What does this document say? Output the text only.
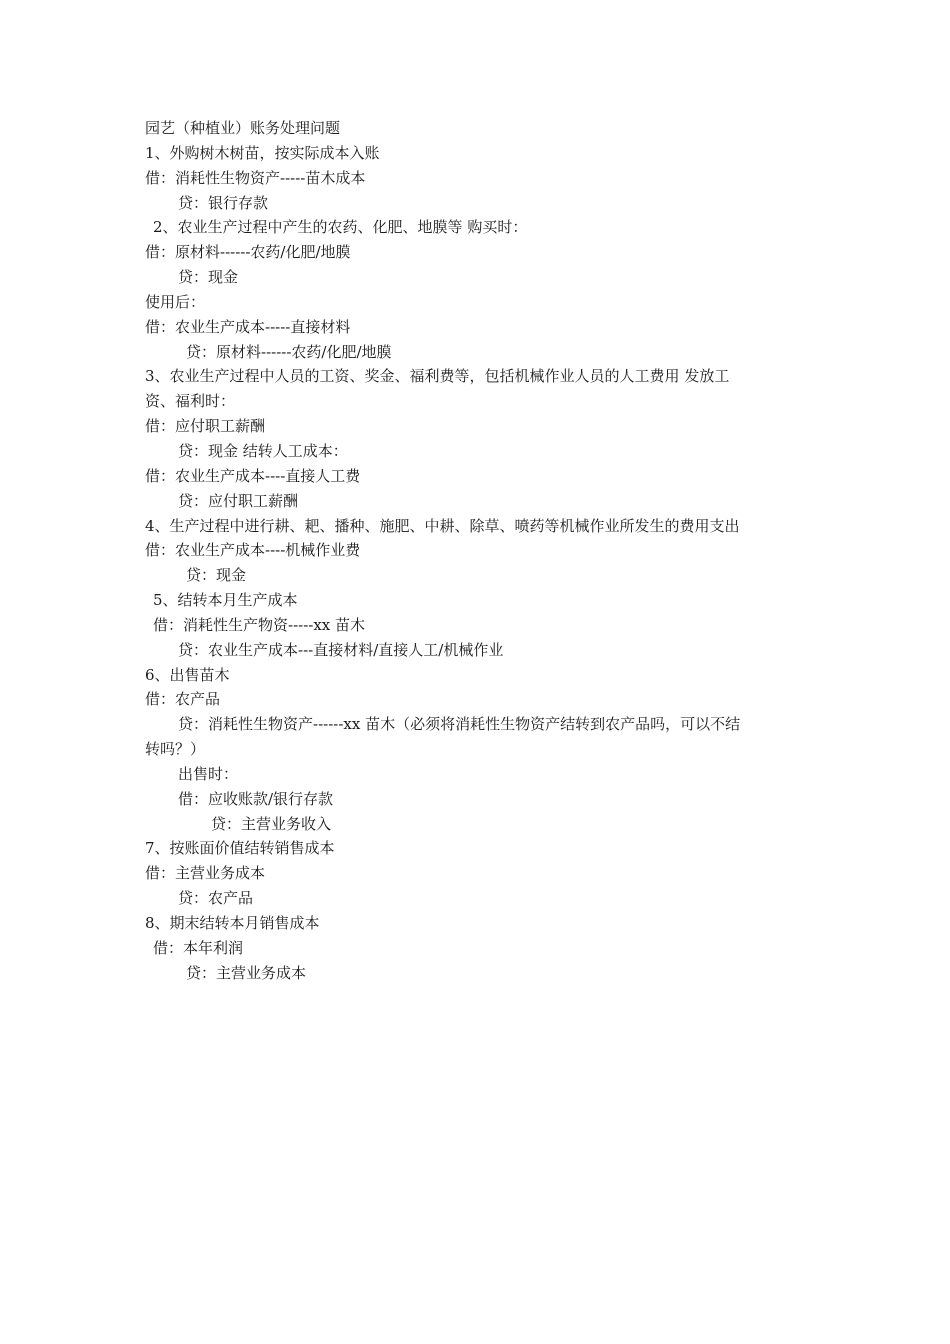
园艺（种植业）账务处理问题
1、外购树木树苗，按实际成本入账
借：消耗性生物资产-----苗木成本
贷：银行存款
2、农业生产过程中产生的农药、化肥、地膜等 购买时：
借：原材料------农药/化肥/地膜
贷：现金
使用后：
借：农业生产成本-----直接材料
贷：原材料------农药/化肥/地膜
3、农业生产过程中人员的工资、奖金、福利费等，包括机械作业人员的人工费用 发放工
资、福利时：
借：应付职工薪酬
贷：现金 结转人工成本：
借：农业生产成本----直接人工费
贷：应付职工薪酬
4、生产过程中进行耕、耙、播种、施肥、中耕、除草、喷药等机械作业所发生的费用支出
借：农业生产成本----机械作业费
贷：现金
5、结转本月生产成本
借：消耗性生产物资-----xx 苗木
贷：农业生产成本---直接材料/直接人工/机械作业
6、出售苗木
借：农产品
贷：消耗性生物资产------xx 苗木（必须将消耗性生物资产结转到农产品吗，可以不结
转吗？）
出售时：
借：应收账款/银行存款
贷：主营业务收入
7、按账面价值结转销售成本
借：主营业务成本
贷：农产品
8、期末结转本月销售成本
借：本年利润
贷：主营业务成本
